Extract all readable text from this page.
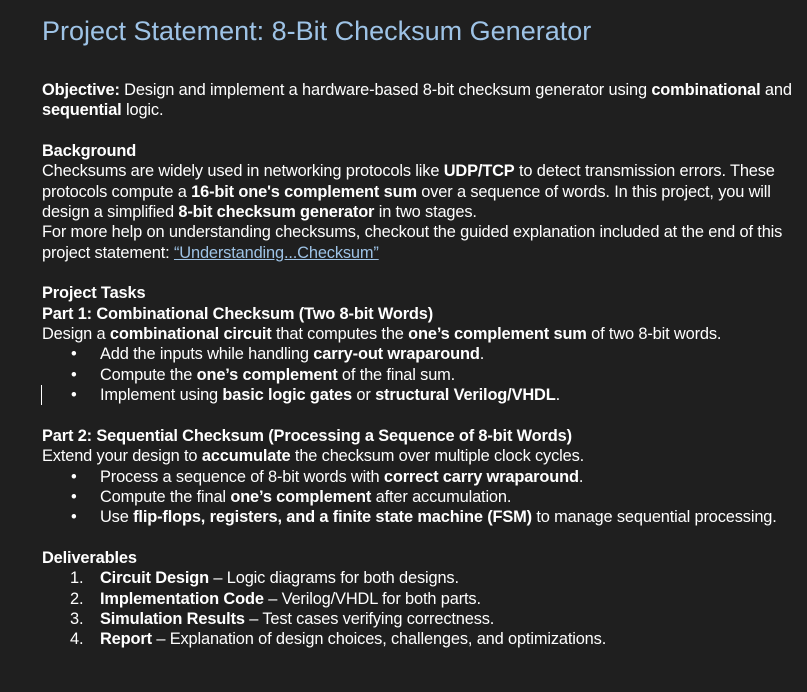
Project Statement: 8-Bit Checksum Generator

Objective: Design and implement a hardware-based 8-bit checksum generator using combinational and sequential logic.

Background

Checksums are widely used in networking protocols like UDP/TCP to detect transmission errors. These protocols compute a 16-bit one's complement sum over a sequence of words. In this project, you will design a simplified 8-bit checksum generator in two stages.

For more help on understanding checksums, checkout the guided explanation included at the end of this project statement: “Understanding...Checksum”

Project Tasks

Part 1: Combinational Checksum (Two 8-bit Words)

Design a combinational circuit that computes the one’s complement sum of two 8-bit words.

• Add the inputs while handling carry-out wraparound.
• Compute the one’s complement of the final sum.
• Implement using basic logic gates or structural Verilog/VHDL.

Part 2: Sequential Checksum (Processing a Sequence of 8-bit Words)

Extend your design to accumulate the checksum over multiple clock cycles.

• Process a sequence of 8-bit words with correct carry wraparound.
• Compute the final one’s complement after accumulation.
• Use flip-flops, registers, and a finite state machine (FSM) to manage sequential processing.

Deliverables

1. Circuit Design – Logic diagrams for both designs.
2. Implementation Code – Verilog/VHDL for both parts.
3. Simulation Results – Test cases verifying correctness.
4. Report – Explanation of design choices, challenges, and optimizations.
